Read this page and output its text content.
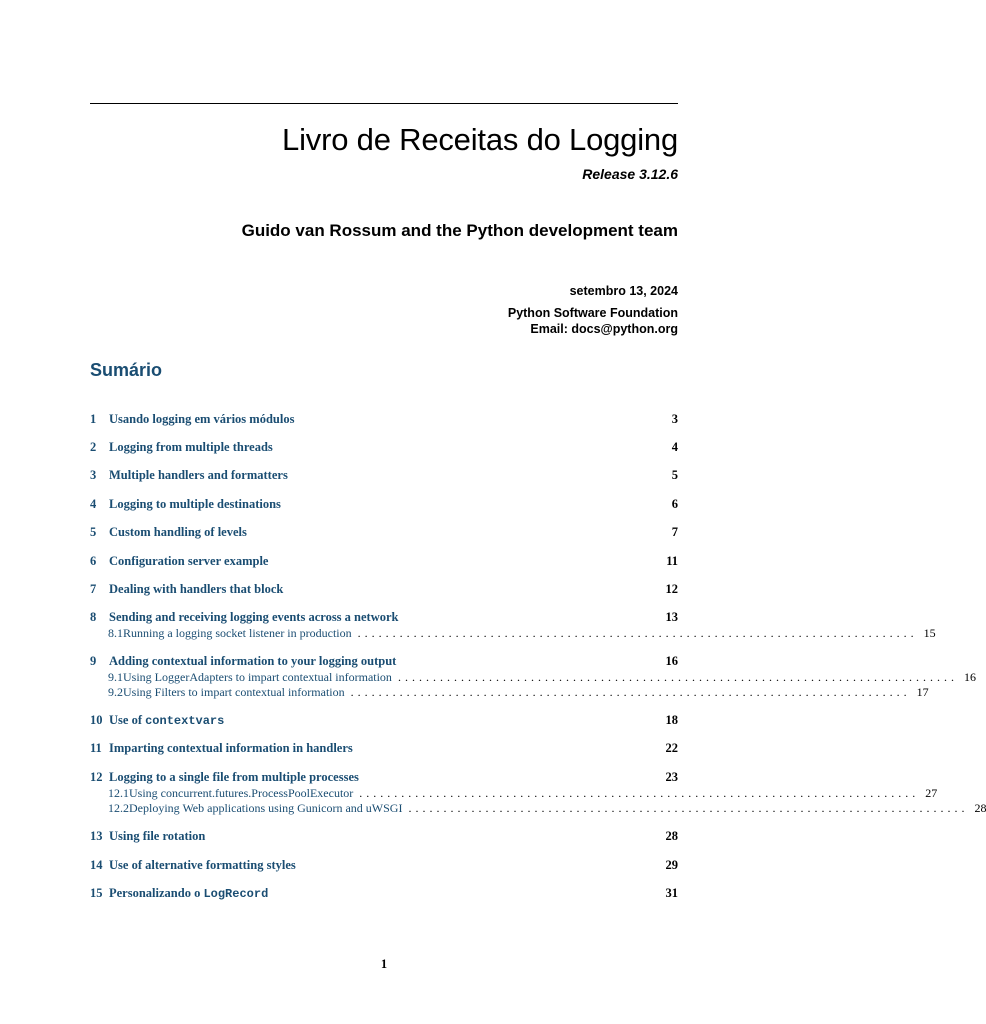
Livro de Receitas do Logging
Release 3.12.6
Guido van Rossum and the Python development team
setembro 13, 2024
Python Software Foundation
Email: docs@python.org
Sumário
1	Usando logging em vários módulos	3
2	Logging from multiple threads	4
3	Multiple handlers and formatters	5
4	Logging to multiple destinations	6
5	Custom handling of levels	7
6	Configuration server example	11
7	Dealing with handlers that block	12
8	Sending and receiving logging events across a network	13
8.1 Running a logging socket listener in production ................................................................................ 15
9	Adding contextual information to your logging output	16
9.1 Using LoggerAdapters to impart contextual information ................................................................................ 16
9.2 Using Filters to impart contextual information ................................................................................ 17
10 Use of contextvars	18
11 Imparting contextual information in handlers	22
12 Logging to a single file from multiple processes	23
12.1 Using concurrent.futures.ProcessPoolExecutor ................................................................................ 27
12.2 Deploying Web applications using Gunicorn and uWSGI ................................................................................ 28
13 Using file rotation	28
14 Use of alternative formatting styles	29
15 Personalizando o LogRecord	31
1
